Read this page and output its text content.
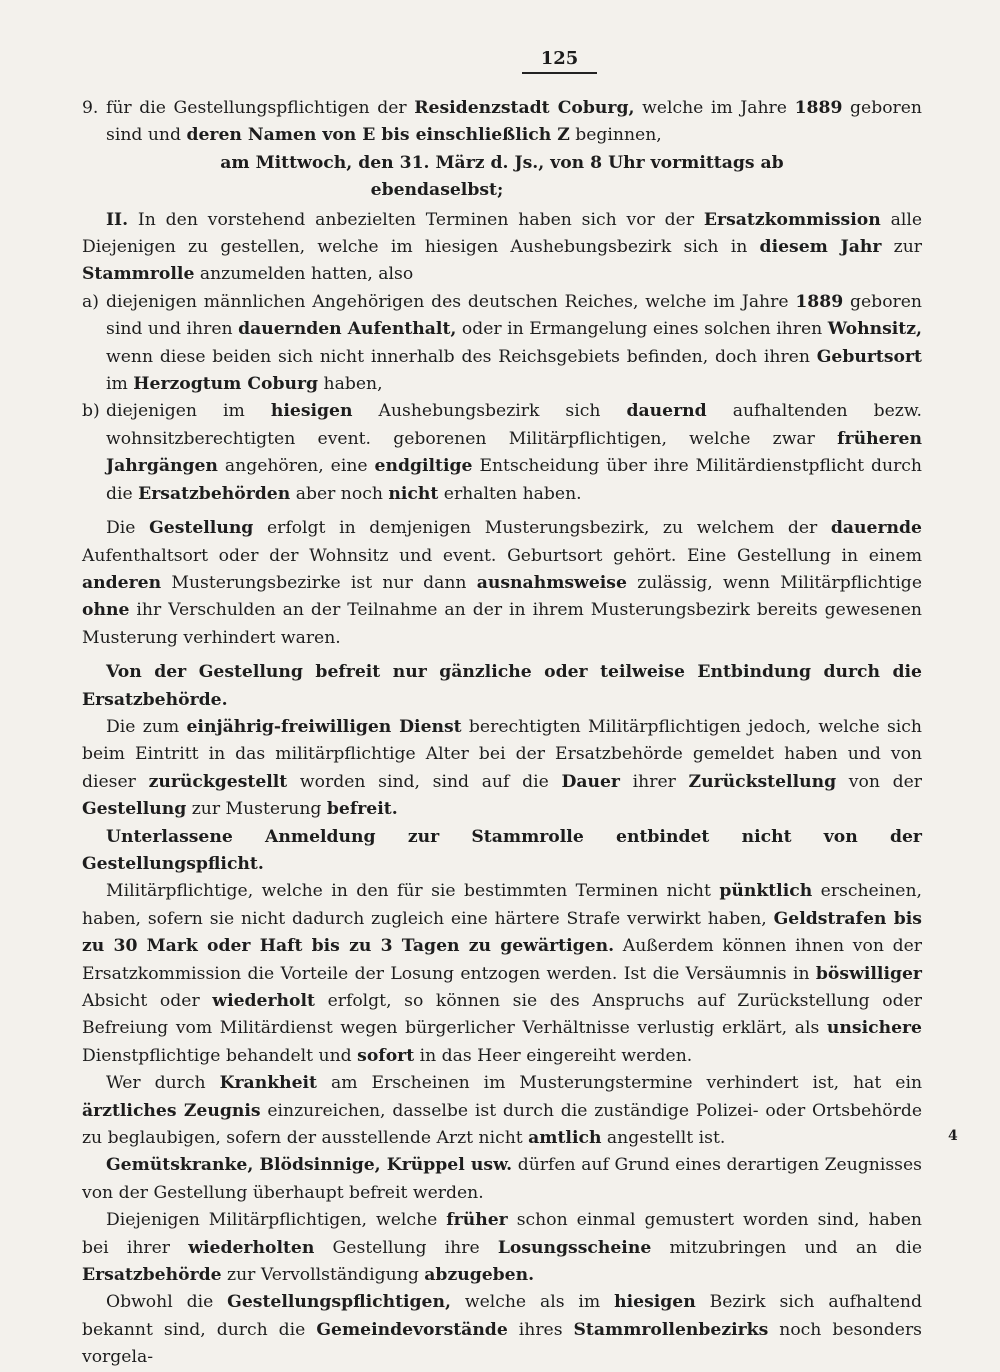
125
9. für die Gestellungspflichtigen der Residenzstadt Coburg, welche im Jahre 1889 geboren sind und deren Namen von E bis einschließlich Z beginnen,

am Mittwoch, den 31. März d. Js., von 8 Uhr vormittags ab

ebendaselbst;

II. In den vorstehend anbezielten Terminen haben sich vor der Ersatzkommission alle Diejenigen zu gestellen, welche im hiesigen Aushebungsbezirk sich in diesem Jahr zur Stammrolle anzumelden hatten, also

a) diejenigen männlichen Angehörigen des deutschen Reiches, welche im Jahre 1889 geboren sind und ihren dauernden Aufenthalt, oder in Ermangelung eines solchen ihren Wohnsitz, wenn diese beiden sich nicht innerhalb des Reichsgebiets befinden, doch ihren Geburtsort im Herzogtum Coburg haben,
b) diejenigen im hiesigen Aushebungsbezirk sich dauernd aufhaltenden bezw. wohnsitzberechtigten event. geborenen Militärpflichtigen, welche zwar früheren Jahrgängen angehören, eine endgiltige Entscheidung über ihre Militärdienstpflicht durch die Ersatzbehörden aber noch nicht erhalten haben.

Die Gestellung erfolgt in demjenigen Musterungsbezirk, zu welchem der dauernde Aufenthaltsort oder der Wohnsitz und event. Geburtsort gehört. Eine Gestellung in einem anderen Musterungsbezirke ist nur dann ausnahmsweise zulässig, wenn Militärpflichtige ohne ihr Verschulden an der Teilnahme an der in ihrem Musterungsbezirk bereits gewesenen Musterung verhindert waren.

Von der Gestellung befreit nur gänzliche oder teilweise Entbindung durch die Ersatzbehörde.

Die zum einjährig-freiwilligen Dienst berechtigten Militärpflichtigen jedoch, welche sich beim Eintritt in das militärpflichtige Alter bei der Ersatzbehörde gemeldet haben und von dieser zurückgestellt worden sind, sind auf die Dauer ihrer Zurückstellung von der Gestellung zur Musterung befreit.

Unterlassene Anmeldung zur Stammrolle entbindet nicht von der Gestellungspflicht.

Militärpflichtige, welche in den für sie bestimmten Terminen nicht pünktlich erscheinen, haben, sofern sie nicht dadurch zugleich eine härtere Strafe verwirkt haben, Geldstrafen bis zu 30 Mark oder Haft bis zu 3 Tagen zu gewärtigen. Außerdem können ihnen von der Ersatzkommission die Vorteile der Losung entzogen werden. Ist die Versäumnis in böswilliger Absicht oder wiederholt erfolgt, so können sie des Anspruchs auf Zurückstellung oder Befreiung vom Militärdienst wegen bürgerlicher Verhältnisse verlustig erklärt, als unsichere Dienstpflichtige behandelt und sofort in das Heer eingereiht werden.

Wer durch Krankheit am Erscheinen im Musterungstermine verhindert ist, hat ein ärztliches Zeugnis einzureichen, dasselbe ist durch die zuständige Polizei- oder Ortsbehörde zu beglaubigen, sofern der ausstellende Arzt nicht amtlich angestellt ist.

Gemütskranke, Blödsinnige, Krüppel usw. dürfen auf Grund eines derartigen Zeugnisses von der Gestellung überhaupt befreit werden.

Diejenigen Militärpflichtigen, welche früher schon einmal gemustert worden sind, haben bei ihrer wiederholten Gestellung ihre Losungsscheine mitzubringen und an die Ersatzbehörde zur Vervollständigung abzugeben.

Obwohl die Gestellungspflichtigen, welche als im hiesigen Bezirk sich aufhaltend bekannt sind, durch die Gemeindevorstände ihres Stammrollenbezirks noch besonders vorgela-

4
